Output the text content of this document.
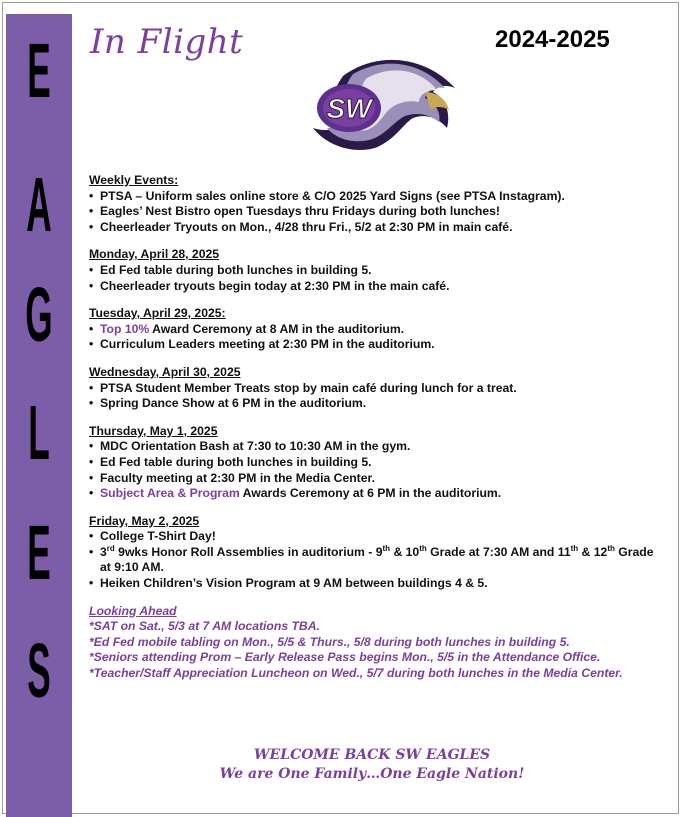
E
A
G
L
E
S
In Flight	2024-2025
SW
Weekly Events:
• PTSA – Uniform sales online store & C/O 2025 Yard Signs (see PTSA Instagram).
• Eagles’ Nest Bistro open Tuesdays thru Fridays during both lunches!
• Cheerleader Tryouts on Mon., 4/28 thru Fri., 5/2 at 2:30 PM in main café.
Monday, April 28, 2025
• Ed Fed table during both lunches in building 5.
• Cheerleader tryouts begin today at 2:30 PM in the main café.
Tuesday, April 29, 2025:
• Top 10% Award Ceremony at 8 AM in the auditorium.
• Curriculum Leaders meeting at 2:30 PM in the auditorium.
Wednesday, April 30, 2025
• PTSA Student Member Treats stop by main café during lunch for a treat.
• Spring Dance Show at 6 PM in the auditorium.
Thursday, May 1, 2025
• MDC Orientation Bash at 7:30 to 10:30 AM in the gym.
• Ed Fed table during both lunches in building 5.
• Faculty meeting at 2:30 PM in the Media Center.
• Subject Area & Program Awards Ceremony at 6 PM in the auditorium.
Friday, May 2, 2025
• College T-Shirt Day!
• 3rd 9wks Honor Roll Assemblies in auditorium - 9th & 10th Grade at 7:30 AM and 11th & 12th Grade at 9:10 AM.
• Heiken Children’s Vision Program at 9 AM between buildings 4 & 5.
Looking Ahead
*SAT on Sat., 5/3 at 7 AM locations TBA.
*Ed Fed mobile tabling on Mon., 5/5 & Thurs., 5/8 during both lunches in building 5.
*Seniors attending Prom – Early Release Pass begins Mon., 5/5 in the Attendance Office.
*Teacher/Staff Appreciation Luncheon on Wed., 5/7 during both lunches in the Media Center.
WELCOME BACK SW EAGLES
We are One Family…One Eagle Nation!
